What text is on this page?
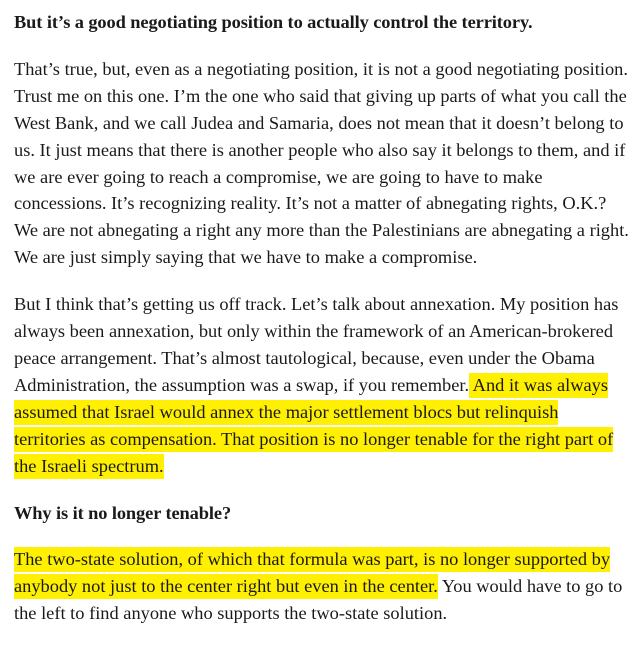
But it’s a good negotiating position to actually control the territory.

That’s true, but, even as a negotiating position, it is not a good negotiating position. Trust me on this one. I’m the one who said that giving up parts of what you call the West Bank, and we call Judea and Samaria, does not mean that it doesn’t belong to us. It just means that there is another people who also say it belongs to them, and if we are ever going to reach a compromise, we are going to have to make concessions. It’s recognizing reality. It’s not a matter of abnegating rights, O.K.? We are not abnegating a right any more than the Palestinians are abnegating a right. We are just simply saying that we have to make a compromise.

But I think that’s getting us off track. Let’s talk about annexation. My position has always been annexation, but only within the framework of an American-brokered peace arrangement. That’s almost tautological, because, even under the Obama Administration, the assumption was a swap, if you remember. And it was always assumed that Israel would annex the major settlement blocs but relinquish territories as compensation. That position is no longer tenable for the right part of the Israeli spectrum.

Why is it no longer tenable?

The two-state solution, of which that formula was part, is no longer supported by anybody not just to the center right but even in the center. You would have to go to the left to find anyone who supports the two-state solution.
